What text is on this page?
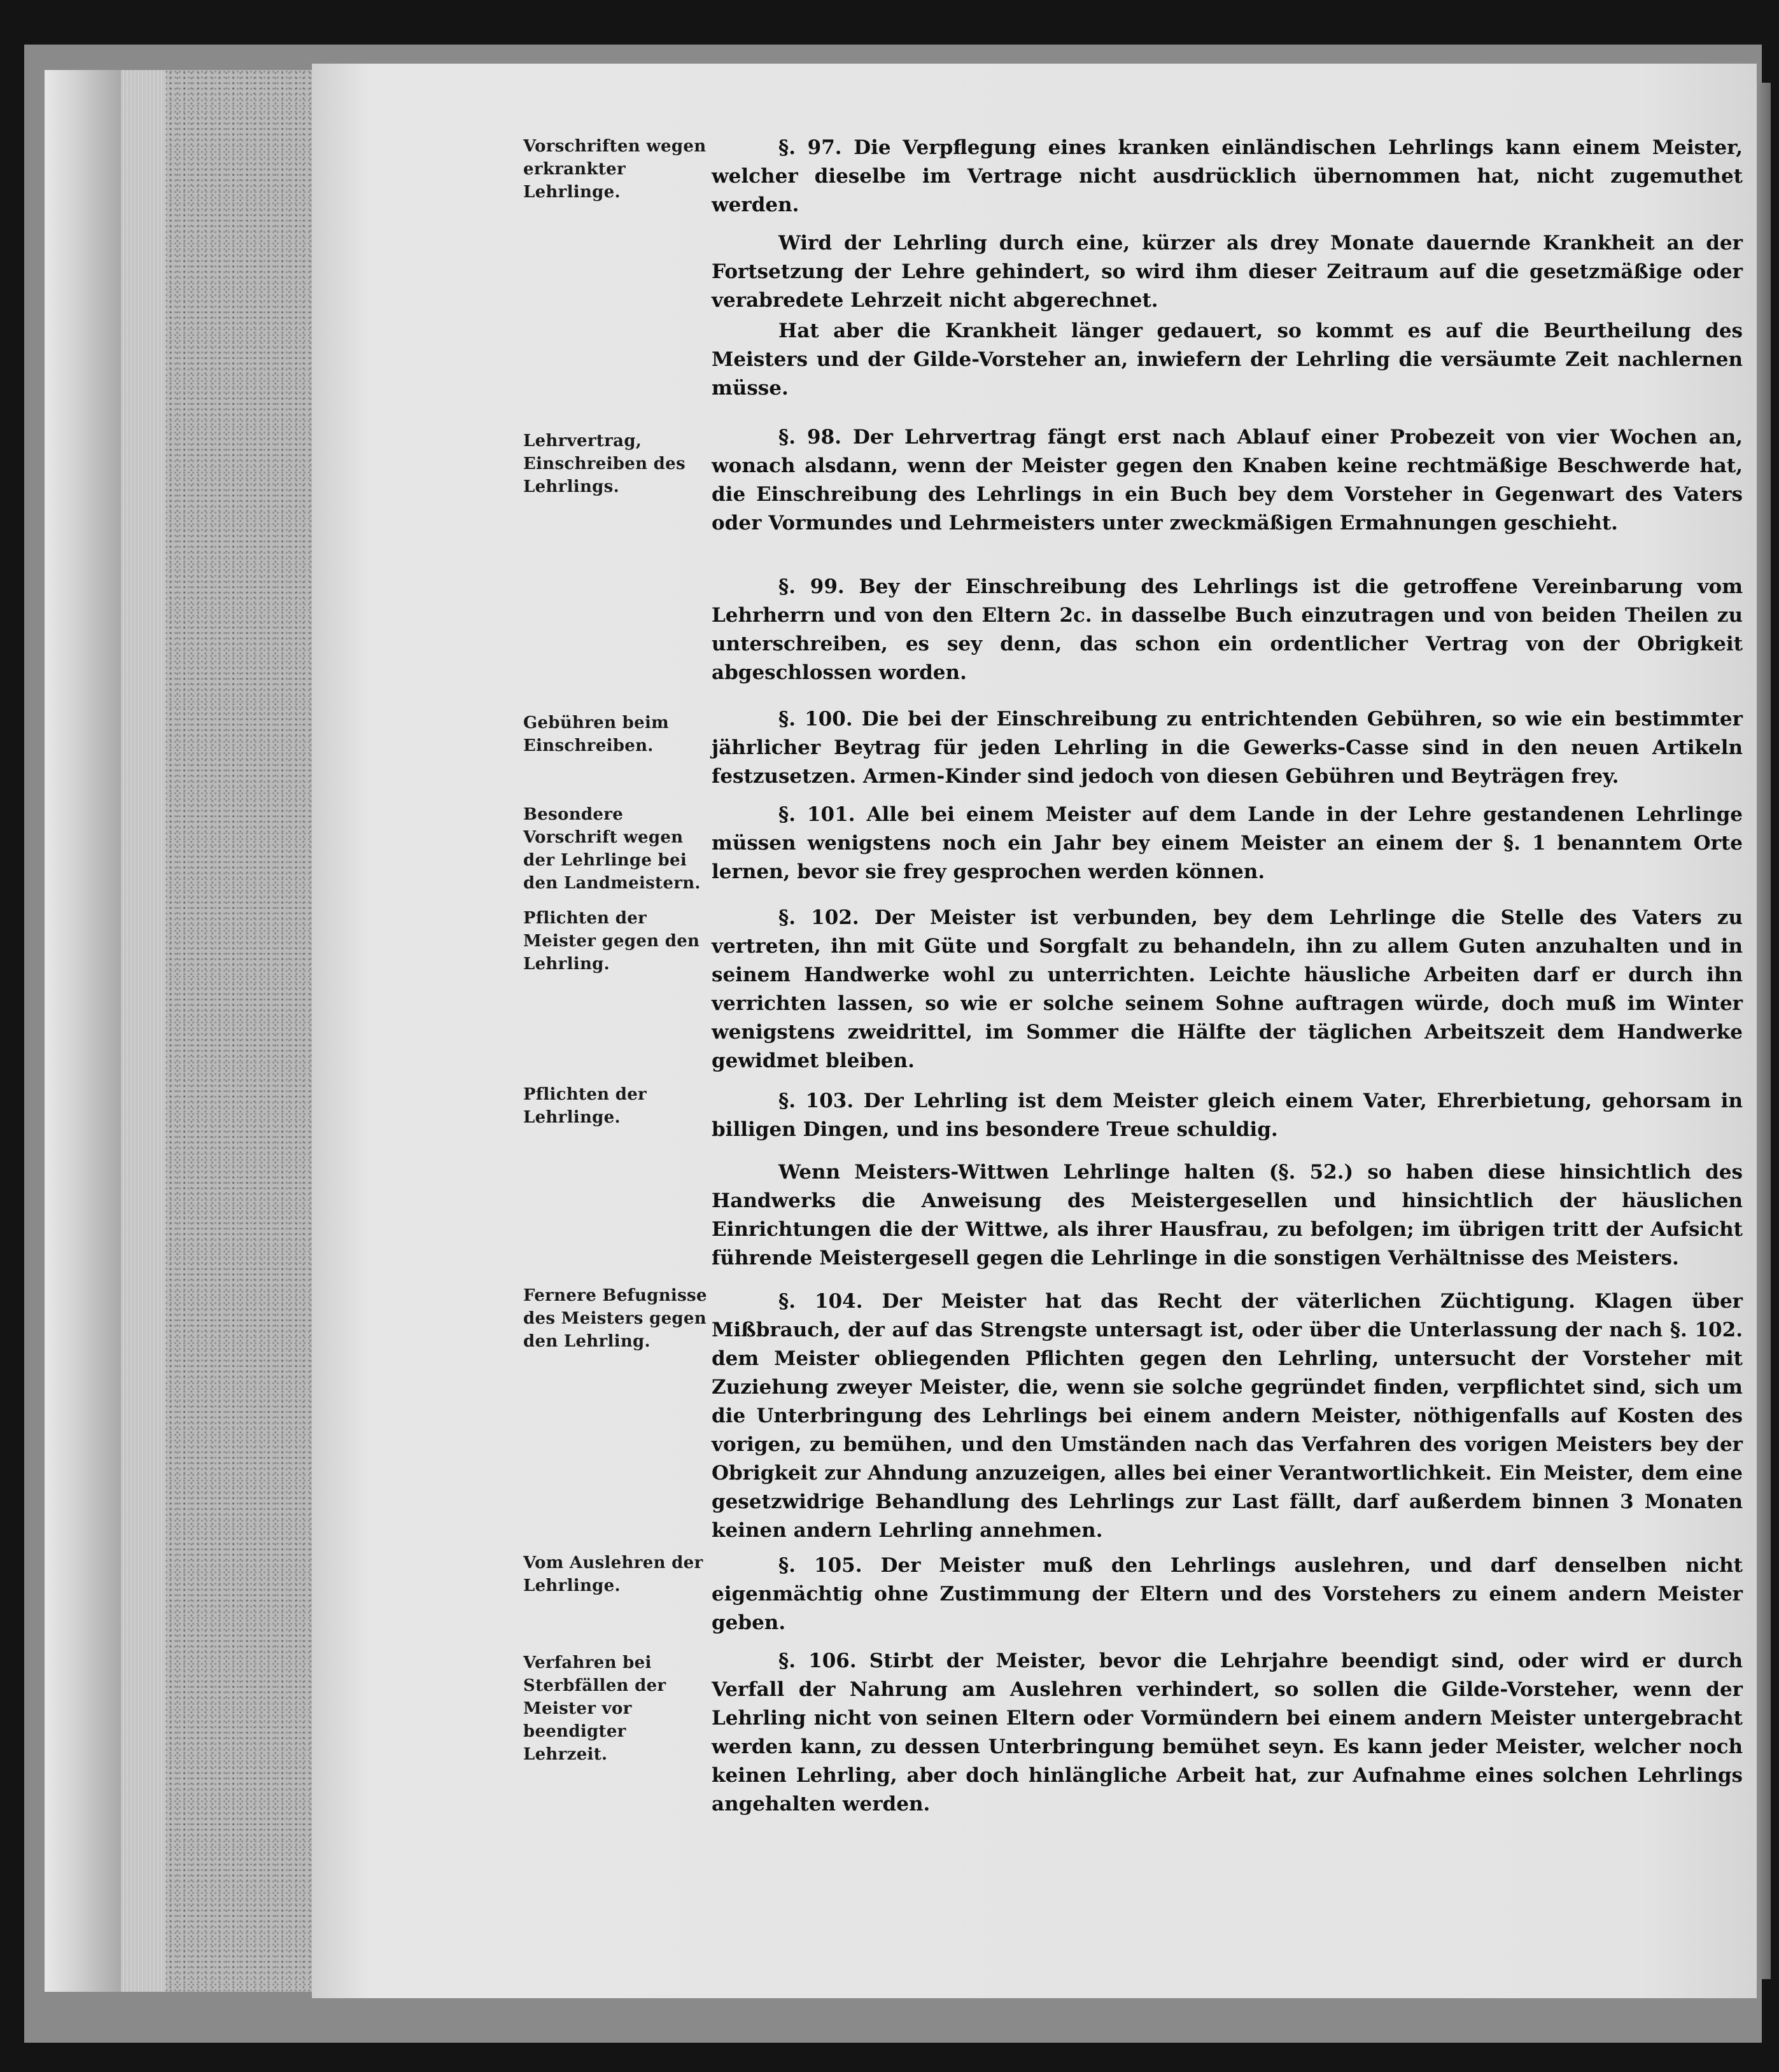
Vorschriften wegen erkrankter Lehrlinge.
§. 97. Die Verpflegung eines kranken einländischen Lehrlings kann einem Meister, welcher dieselbe im Vertrage nicht ausdrücklich übernommen hat, nicht zugemuthet werden.
Wird der Lehrling durch eine, kürzer als drey Monate dauernde Krankheit an der Fortsetzung der Lehre gehindert, so wird ihm dieser Zeitraum auf die gesetzmäßige oder verabredete Lehrzeit nicht abgerechnet.
Hat aber die Krankheit länger gedauert, so kommt es auf die Beurtheilung des Meisters und der Gilde-Vorsteher an, inwiefern der Lehrling die versäumte Zeit nachlernen müsse.
Lehrvertrag, Einschreiben des Lehrlings.
§. 98. Der Lehrvertrag fängt erst nach Ablauf einer Probezeit von vier Wochen an, wonach alsdann, wenn der Meister gegen den Knaben keine rechtmäßige Beschwerde hat, die Einschreibung des Lehrlings in ein Buch bey dem Vorsteher in Gegenwart des Vaters oder Vormundes und Lehrmeisters unter zweckmäßigen Ermahnungen geschieht.
§. 99. Bey der Einschreibung des Lehrlings ist die getroffene Vereinbarung vom Lehrherrn und von den Eltern 2c. in dasselbe Buch einzutragen und von beiden Theilen zu unterschreiben, es sey denn, das schon ein ordentlicher Vertrag von der Obrigkeit abgeschlossen worden.
Gebühren beim Einschreiben.
§. 100. Die bei der Einschreibung zu entrichtenden Gebühren, so wie ein bestimmter jährlicher Beytrag für jeden Lehrling in die Gewerks-Casse sind in den neuen Artikeln festzusetzen. Armen-Kinder sind jedoch von diesen Gebühren und Beyträgen frey.
Besondere Vorschrift wegen der Lehrlinge bei den Landmeistern.
§. 101. Alle bei einem Meister auf dem Lande in der Lehre gestandenen Lehrlinge müssen wenigstens noch ein Jahr bey einem Meister an einem der §. 1 benanntem Orte lernen, bevor sie frey gesprochen werden können.
Pflichten der Meister gegen den Lehrling.
§. 102. Der Meister ist verbunden, bey dem Lehrlinge die Stelle des Vaters zu vertreten, ihn mit Güte und Sorgfalt zu behandeln, ihn zu allem Guten anzuhalten und in seinem Handwerke wohl zu unterrichten. Leichte häusliche Arbeiten darf er durch ihn verrichten lassen, so wie er solche seinem Sohne auftragen würde, doch muß im Winter wenigstens zweidrittel, im Sommer die Hälfte der täglichen Arbeitszeit dem Handwerke gewidmet bleiben.
Pflichten der Lehrlinge.
§. 103. Der Lehrling ist dem Meister gleich einem Vater, Ehrerbietung, gehorsam in billigen Dingen, und ins besondere Treue schuldig.
Wenn Meisters-Wittwen Lehrlinge halten (§. 52.) so haben diese hinsichtlich des Handwerks die Anweisung des Meistergesellen und hinsichtlich der häuslichen Einrichtungen die der Wittwe, als ihrer Hausfrau, zu befolgen; im übrigen tritt der Aufsicht führende Meistergesell gegen die Lehrlinge in die sonstigen Verhältnisse des Meisters.
Fernere Befugnisse des Meisters gegen den Lehrling.
§. 104. Der Meister hat das Recht der väterlichen Züchtigung. Klagen über Mißbrauch, der auf das Strengste untersagt ist, oder über die Unterlassung der nach §. 102. dem Meister obliegenden Pflichten gegen den Lehrling, untersucht der Vorsteher mit Zuziehung zweyer Meister, die, wenn sie solche gegründet finden, verpflichtet sind, sich um die Unterbringung des Lehrlings bei einem andern Meister, nöthigenfalls auf Kosten des vorigen, zu bemühen, und den Umständen nach das Verfahren des vorigen Meisters bey der Obrigkeit zur Ahndung anzuzeigen, alles bei einer Verantwortlichkeit. Ein Meister, dem eine gesetzwidrige Behandlung des Lehrlings zur Last fällt, darf außerdem binnen 3 Monaten keinen andern Lehrling annehmen.
Vom Auslehren der Lehrlinge.
§. 105. Der Meister muß den Lehrlings auslehren, und darf denselben nicht eigenmächtig ohne Zustimmung der Eltern und des Vorstehers zu einem andern Meister geben.
Verfahren bei Sterbfällen der Meister vor beendigter Lehrzeit.
§. 106. Stirbt der Meister, bevor die Lehrjahre beendigt sind, oder wird er durch Verfall der Nahrung am Auslehren verhindert, so sollen die Gilde-Vorsteher, wenn der Lehrling nicht von seinen Eltern oder Vormündern bei einem andern Meister untergebracht werden kann, zu dessen Unterbringung bemühet seyn. Es kann jeder Meister, welcher noch keinen Lehrling, aber doch hinlängliche Arbeit hat, zur Aufnahme eines solchen Lehrlings angehalten werden.
